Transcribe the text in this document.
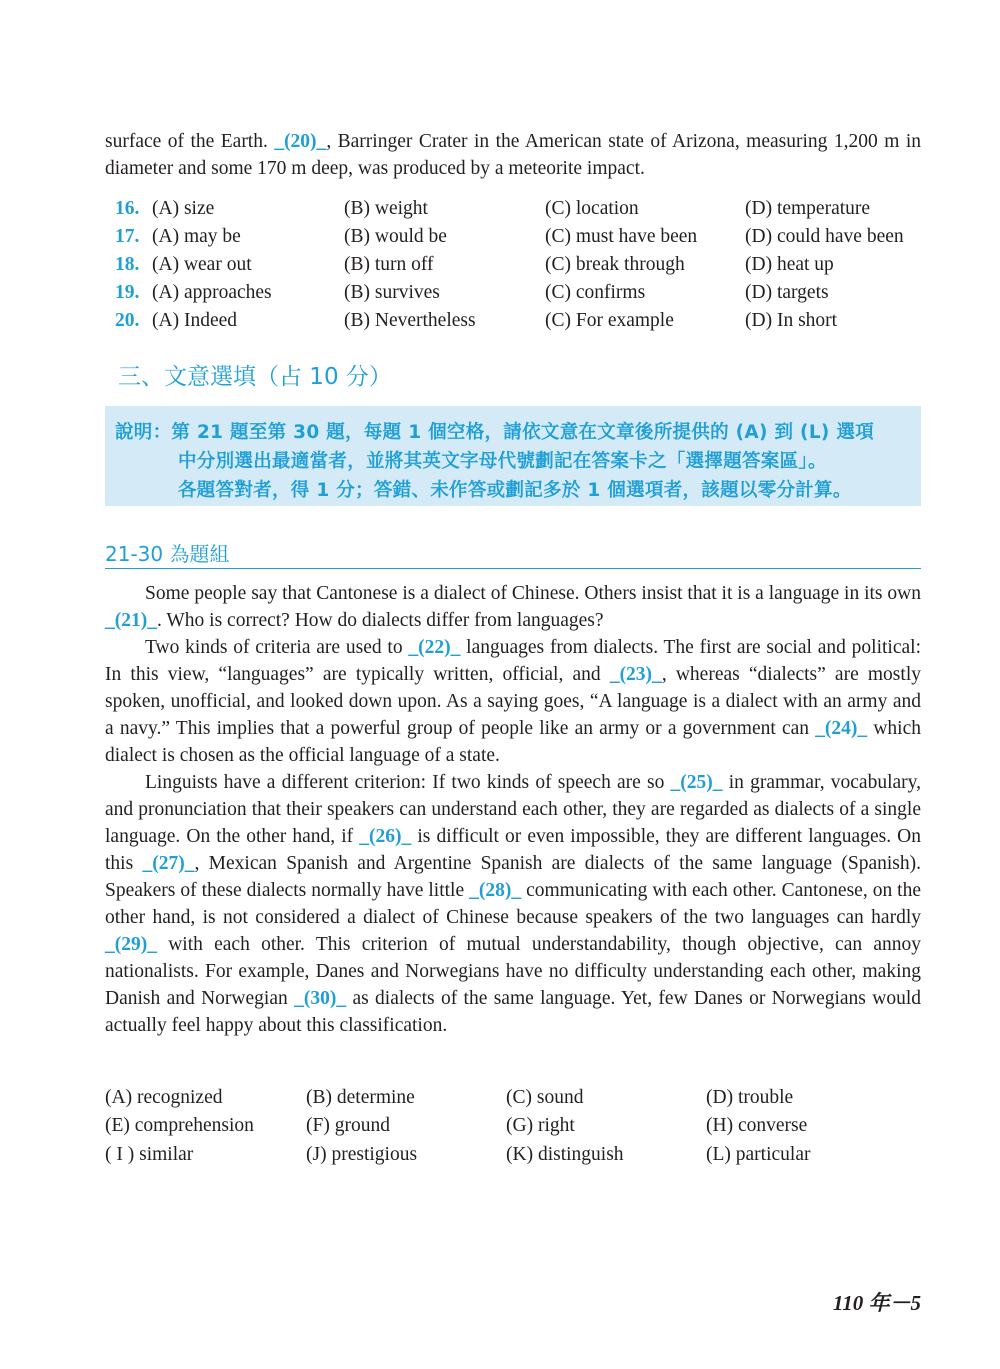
surface of the Earth. _(20)_, Barringer Crater in the American state of Arizona, measuring 1,200 m in diameter and some 170 m deep, was produced by a meteorite impact.

16. (A) size	(B) weight	(C) location	(D) temperature
17. (A) may be	(B) would be	(C) must have been (D) could have been
18. (A) wear out	(B) turn off	(C) break through	(D) heat up
19. (A) approaches	(B) survives	(C) confirms	(D) targets
20. (A) Indeed	(B) Nevertheless	(C) For example	(D) In short
三、文意選填（占 10 分）
說明：第 21 題至第 30 題，每題 1 個空格，請依文意在文章後所提供的 (A) 到 (L) 選項
中分別選出最適當者，並將其英文字母代號劃記在答案卡之「選擇題答案區」。
各題答對者，得 1 分；答錯、未作答或劃記多於 1 個選項者，該題以零分計算。
21-30 為題組

Some people say that Cantonese is a dialect of Chinese. Others insist that it is a language in its own _(21)_. Who is correct? How do dialects differ from languages?

Two kinds of criteria are used to _(22)_ languages from dialects. The first are social and political: In this view, “languages” are typically written, official, and _(23)_, whereas “dialects” are mostly spoken, unofficial, and looked down upon. As a saying goes, “A language is a dialect with an army and a navy.” This implies that a powerful group of people like an army or a government can _(24)_ which dialect is chosen as the official language of a state.

Linguists have a different criterion: If two kinds of speech are so _(25)_ in grammar, vocabulary, and pronunciation that their speakers can understand each other, they are regarded as dialects of a single language. On the other hand, if _(26)_ is difficult or even impossible, they are different languages. On this _(27)_, Mexican Spanish and Argentine Spanish are dialects of the same language (Spanish). Speakers of these dialects normally have little _(28)_ communicating with each other. Cantonese, on the other hand, is not considered a dialect of Chinese because speakers of the two languages can hardly _(29)_ with each other. This criterion of mutual understandability, though objective, can annoy nationalists. For example, Danes and Norwegians have no difficulty understanding each other, making Danish and Norwegian _(30)_ as dialects of the same language. Yet, few Danes or Norwegians would actually feel happy about this classification.

(A) recognized	(B) determine	(C) sound	(D) trouble
(E) comprehension	(F) ground	(G) right	(H) converse
( I ) similar	(J) prestigious	(K) distinguish	(L) particular
110 年－5
